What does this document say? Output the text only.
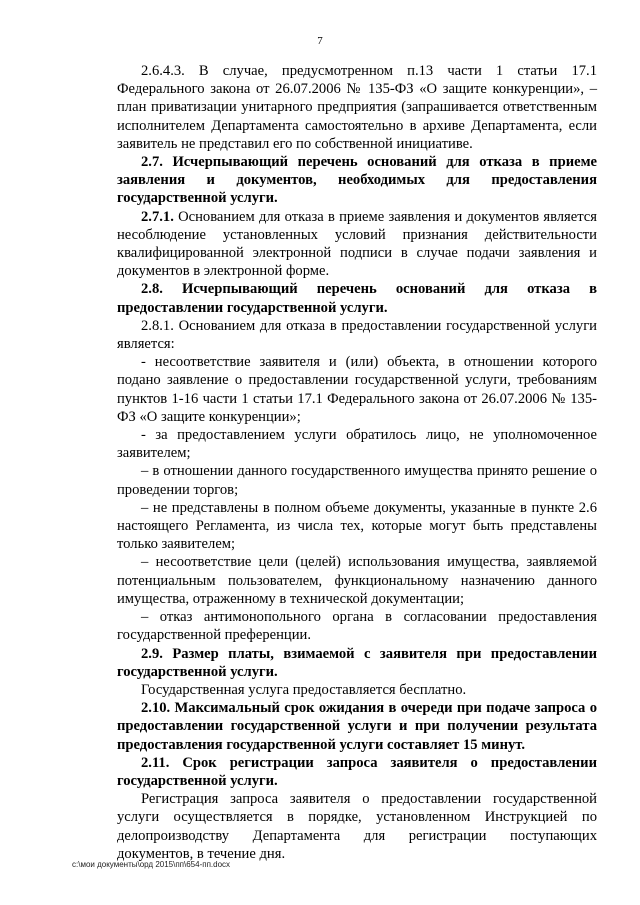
7

2.6.4.3. В случае, предусмотренном п.13 части 1 статьи 17.1 Федерального закона от 26.07.2006 № 135-ФЗ «О защите конкуренции», – план приватизации унитарного предприятия (запрашивается ответственным исполнителем Департамента самостоятельно в архиве Департамента, если заявитель не представил его по собственной инициативе.

2.7. Исчерпывающий перечень оснований для отказа в приеме заявления и документов, необходимых для предоставления государственной услуги.

2.7.1. Основанием для отказа в приеме заявления и документов является несоблюдение установленных условий признания действительности квалифицированной электронной подписи в случае подачи заявления и документов в электронной форме.

2.8. Исчерпывающий перечень оснований для отказа в предоставлении государственной услуги.

2.8.1. Основанием для отказа в предоставлении государственной услуги является:

- несоответствие заявителя и (или) объекта, в отношении которого подано заявление о предоставлении государственной услуги, требованиям пунктов 1-16 части 1 статьи 17.1 Федерального закона от 26.07.2006 № 135-ФЗ «О защите конкуренции»;

- за предоставлением услуги обратилось лицо, не уполномоченное заявителем;

– в отношении данного государственного имущества принято решение о проведении торгов;

– не представлены в полном объеме документы, указанные в пункте 2.6 настоящего Регламента, из числа тех, которые могут быть представлены только заявителем;

– несоответствие цели (целей) использования имущества, заявляемой потенциальным пользователем, функциональному назначению данного имущества, отраженному в технической документации;

– отказ антимонопольного органа в согласовании предоставления государственной преференции.

2.9. Размер платы, взимаемой с заявителя при предоставлении государственной услуги.

Государственная услуга предоставляется бесплатно.

2.10. Максимальный срок ожидания в очереди при подаче запроса о предоставлении государственной услуги и при получении результата предоставления государственной услуги составляет 15 минут.

2.11. Срок регистрации запроса заявителя о предоставлении государственной услуги.

Регистрация запроса заявителя о предоставлении государственной услуги осуществляется в порядке, установленном Инструкцией по делопроизводству Департамента для регистрации поступающих документов, в течение дня.

c:\мои документы\орд 2015\пп\654-пп.docx
